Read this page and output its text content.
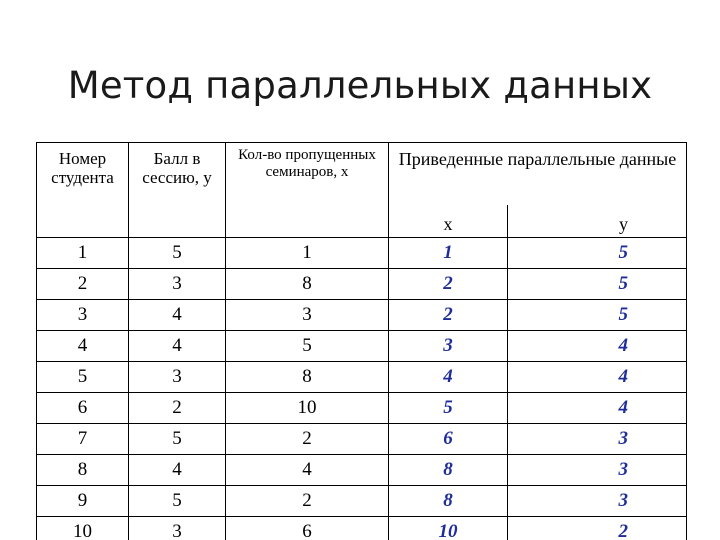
Метод параллельных данных
Номер студента	Балл в сессию, y	Кол-во пропущенных семинаров, x	Приведенные параллельные данные	
			x	y
1	5	1	1	5
2	3	8	2	5
3	4	3	2	5
4	4	5	3	4
5	3	8	4	4
6	2	10	5	4
7	5	2	6	3
8	4	4	8	3
9	5	2	8	3
10	3	6	10	2
